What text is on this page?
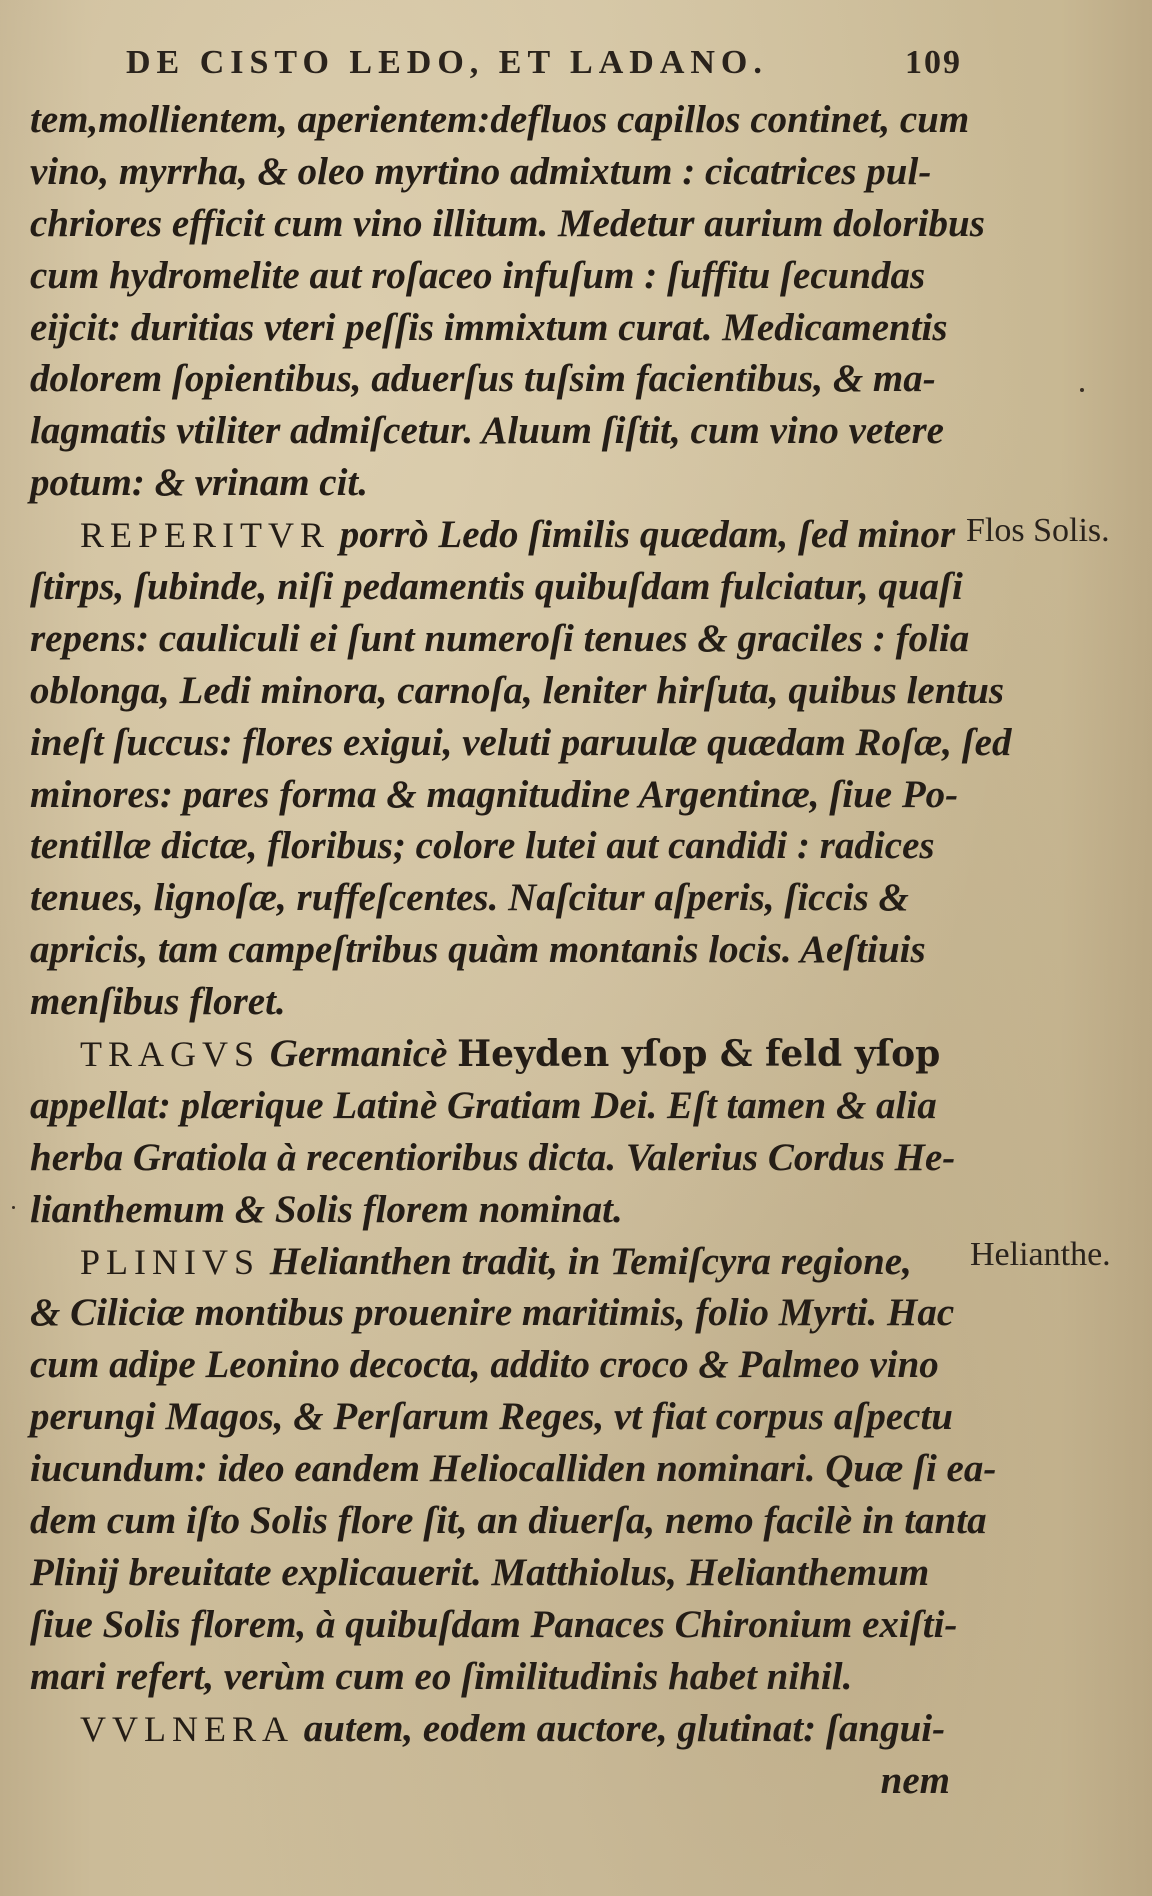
DE CISTO LEDO, ET LADANO.	109
tem,mollientem, aperientem:defluos capillos continet, cum
vino, myrrha, & oleo myrtino admixtum : cicatrices pul-
chriores efficit cum vino illitum. Medetur aurium doloribus
cum hydromelite aut roſaceo infuſum : ſuffitu ſecundas
eijcit: duritias vteri peſſis immixtum curat. Medicamentis
dolorem ſopientibus, aduerſus tuſsim facientibus, & ma-
lagmatis vtiliter admiſcetur. Aluum ſiſtit, cum vino vetere
potum: & vrinam cit.
REPERITVR porrò Ledo ſimilis quædam, ſed minor
ſtirps, ſubinde, niſi pedamentis quibuſdam fulciatur, quaſi
repens: cauliculi ei ſunt numeroſi tenues & graciles : folia
oblonga, Ledi minora, carnoſa, leniter hirſuta, quibus lentus
ineſt ſuccus: flores exigui, veluti paruulæ quædam Roſæ, ſed
minores: pares forma & magnitudine Argentinæ, ſiue Po-
tentillæ dictæ, floribus; colore lutei aut candidi : radices
tenues, lignoſæ, ruffeſcentes. Naſcitur aſperis, ſiccis &
apricis, tam campeſtribus quàm montanis locis. Aeſtiuis
menſibus floret.
TRAGVS Germanicè Heyden yſop & feld yſop
appellat: plærique Latinè Gratiam Dei. Eſt tamen & alia
herba Gratiola à recentioribus dicta. Valerius Cordus He-
lianthemum & Solis florem nominat.
PLINIVS Helianthen tradit, in Temiſcyra regione,
& Ciliciæ montibus prouenire maritimis, folio Myrti. Hac
cum adipe Leonino decocta, addito croco & Palmeo vino
perungi Magos, & Perſarum Reges, vt fiat corpus aſpectu
iucundum: ideo eandem Heliocalliden nominari. Quæ ſi ea-
dem cum iſto Solis flore ſit, an diuerſa, nemo facilè in tanta
Plinij breuitate explicauerit. Matthiolus, Helianthemum
ſiue Solis florem, à quibuſdam Panaces Chironium exiſti-
mari refert, verùm cum eo ſimilitudinis habet nihil.
VVLNERA autem, eodem auctore, glutinat: ſangui-
nem
Flos Solis.
Helianthe.
